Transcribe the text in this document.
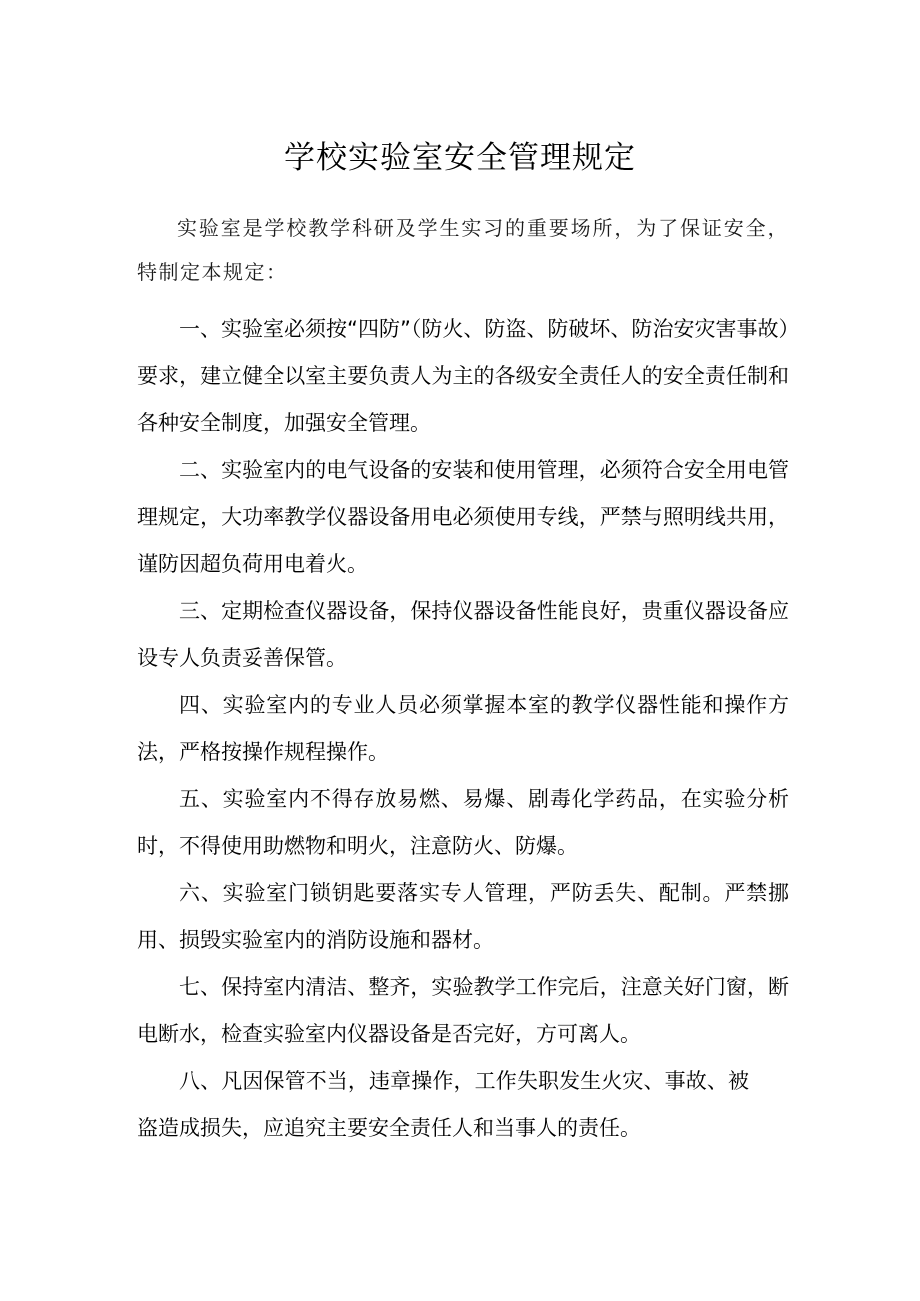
学校实验室安全管理规定

实验室是学校教学科研及学生实习的重要场所，为了保证安全，特制定本规定：

一、实验室必须按“四防”（防火、防盗、防破坏、防治安灾害事故）要求，建立健全以室主要负责人为主的各级安全责任人的安全责任制和各种安全制度，加强安全管理。

二、实验室内的电气设备的安装和使用管理，必须符合安全用电管理规定，大功率教学仪器设备用电必须使用专线，严禁与照明线共用，谨防因超负荷用电着火。

三、定期检查仪器设备，保持仪器设备性能良好，贵重仪器设备应设专人负责妥善保管。

四、实验室内的专业人员必须掌握本室的教学仪器性能和操作方法，严格按操作规程操作。

五、实验室内不得存放易燃、易爆、剧毒化学药品，在实验分析时，不得使用助燃物和明火，注意防火、防爆。

六、实验室门锁钥匙要落实专人管理，严防丢失、配制。严禁挪用、损毁实验室内的消防设施和器材。

七、保持室内清洁、整齐，实验教学工作完后，注意关好门窗，断电断水，检查实验室内仪器设备是否完好，方可离人。

八、凡因保管不当，违章操作，工作失职发生火灾、事故、被盗造成损失，应追究主要安全责任人和当事人的责任。
